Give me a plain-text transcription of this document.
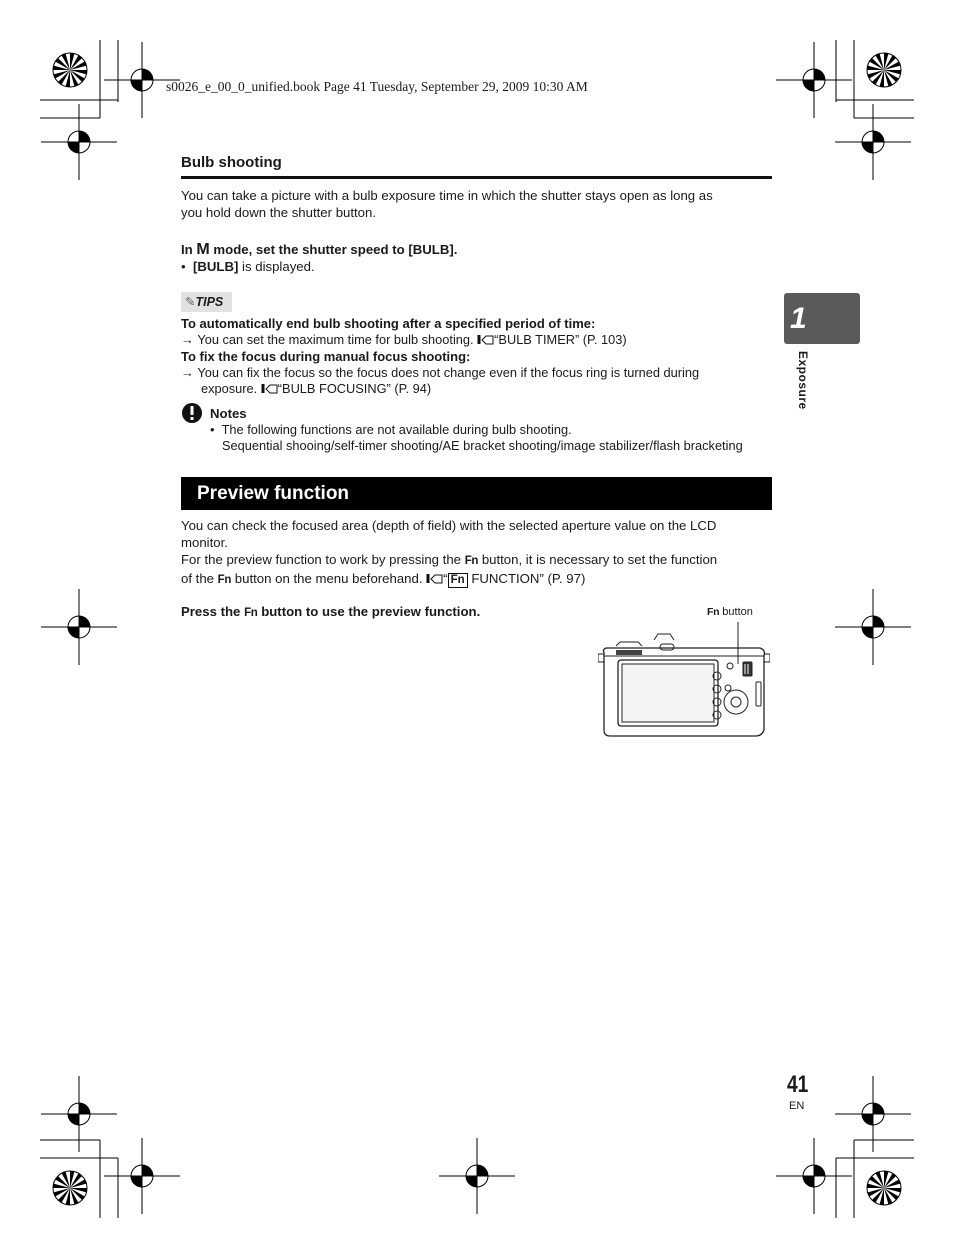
s0026_e_00_0_unified.book Page 41 Tuesday, September 29, 2009 10:30 AM
Bulb shooting
You can take a picture with a bulb exposure time in which the shutter stays open as long as
you hold down the shutter button.
In M mode, set the shutter speed to [BULB].
• [BULB] is displayed.
✎TIPS
To automatically end bulb shooting after a specified period of time:
→ You can set the maximum time for bulb shooting. “BULB TIMER” (P. 103)
To fix the focus during manual focus shooting:
→ You can fix the focus so the focus does not change even if the focus ring is turned during
exposure. “BULB FOCUSING” (P. 94)
Notes
• The following functions are not available during bulb shooting.
Sequential shooing/self-timer shooting/AE bracket shooting/image stabilizer/flash bracketing
Preview function
You can check the focused area (depth of field) with the selected aperture value on the LCD
monitor.
For the preview function to work by pressing the Fn button, it is necessary to set the function
of the Fn button on the menu beforehand. “ Fn FUNCTION” (P. 97)
Press the Fn button to use the preview function.	Fn button
1
Exposure
41
EN
